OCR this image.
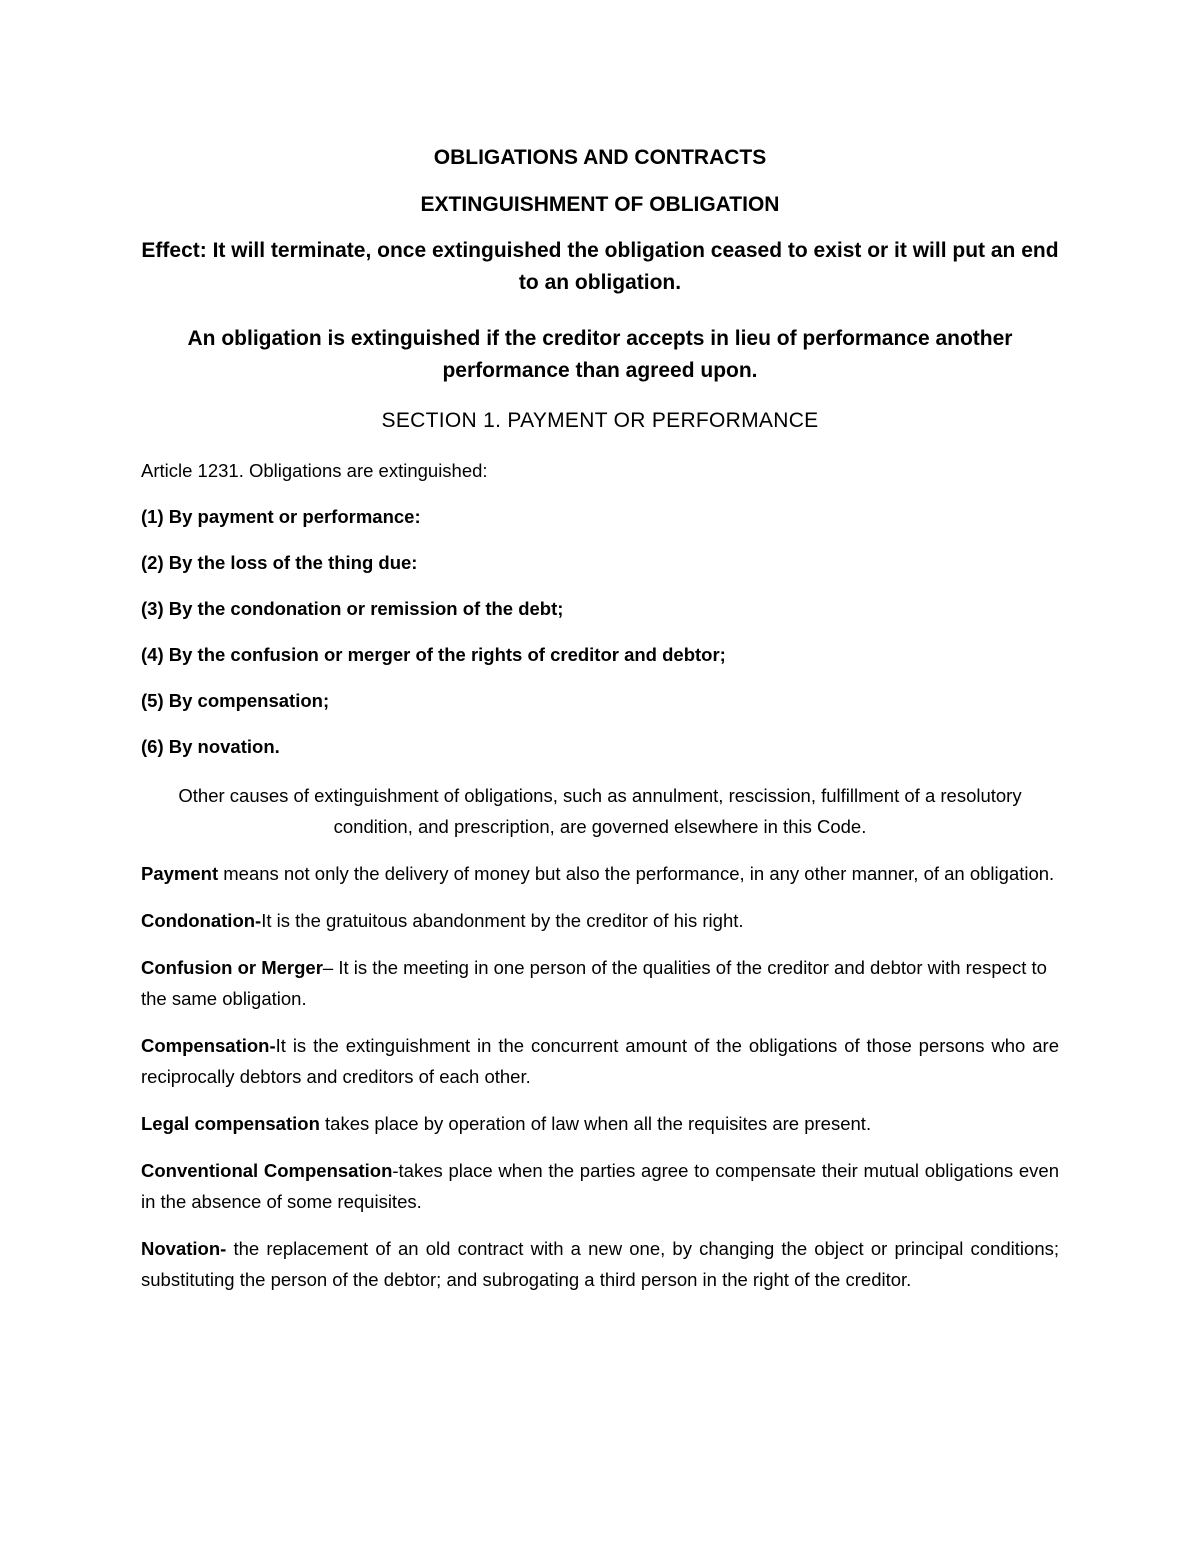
OBLIGATIONS AND CONTRACTS

EXTINGUISHMENT OF OBLIGATION

Effect: It will terminate, once extinguished the obligation ceased to exist or it will put an end to an obligation.

An obligation is extinguished if the creditor accepts in lieu of performance another performance than agreed upon.

SECTION 1. PAYMENT OR PERFORMANCE

Article 1231. Obligations are extinguished:

(1) By payment or performance:

(2) By the loss of the thing due:

(3) By the condonation or remission of the debt;

(4) By the confusion or merger of the rights of creditor and debtor;

(5) By compensation;

(6) By novation.

Other causes of extinguishment of obligations, such as annulment, rescission, fulfillment of a resolutory condition, and prescription, are governed elsewhere in this Code.

Payment means not only the delivery of money but also the performance, in any other manner, of an obligation.

Condonation-It is the gratuitous abandonment by the creditor of his right.

Confusion or Merger– It is the meeting in one person of the qualities of the creditor and debtor with respect to the same obligation.

Compensation-It is the extinguishment in the concurrent amount of the obligations of those persons who are reciprocally debtors and creditors of each other.

Legal compensation takes place by operation of law when all the requisites are present.

Conventional Compensation-takes place when the parties agree to compensate their mutual obligations even in the absence of some requisites.

Novation- the replacement of an old contract with a new one, by changing the object or principal conditions; substituting the person of the debtor; and subrogating a third person in the right of the creditor.
